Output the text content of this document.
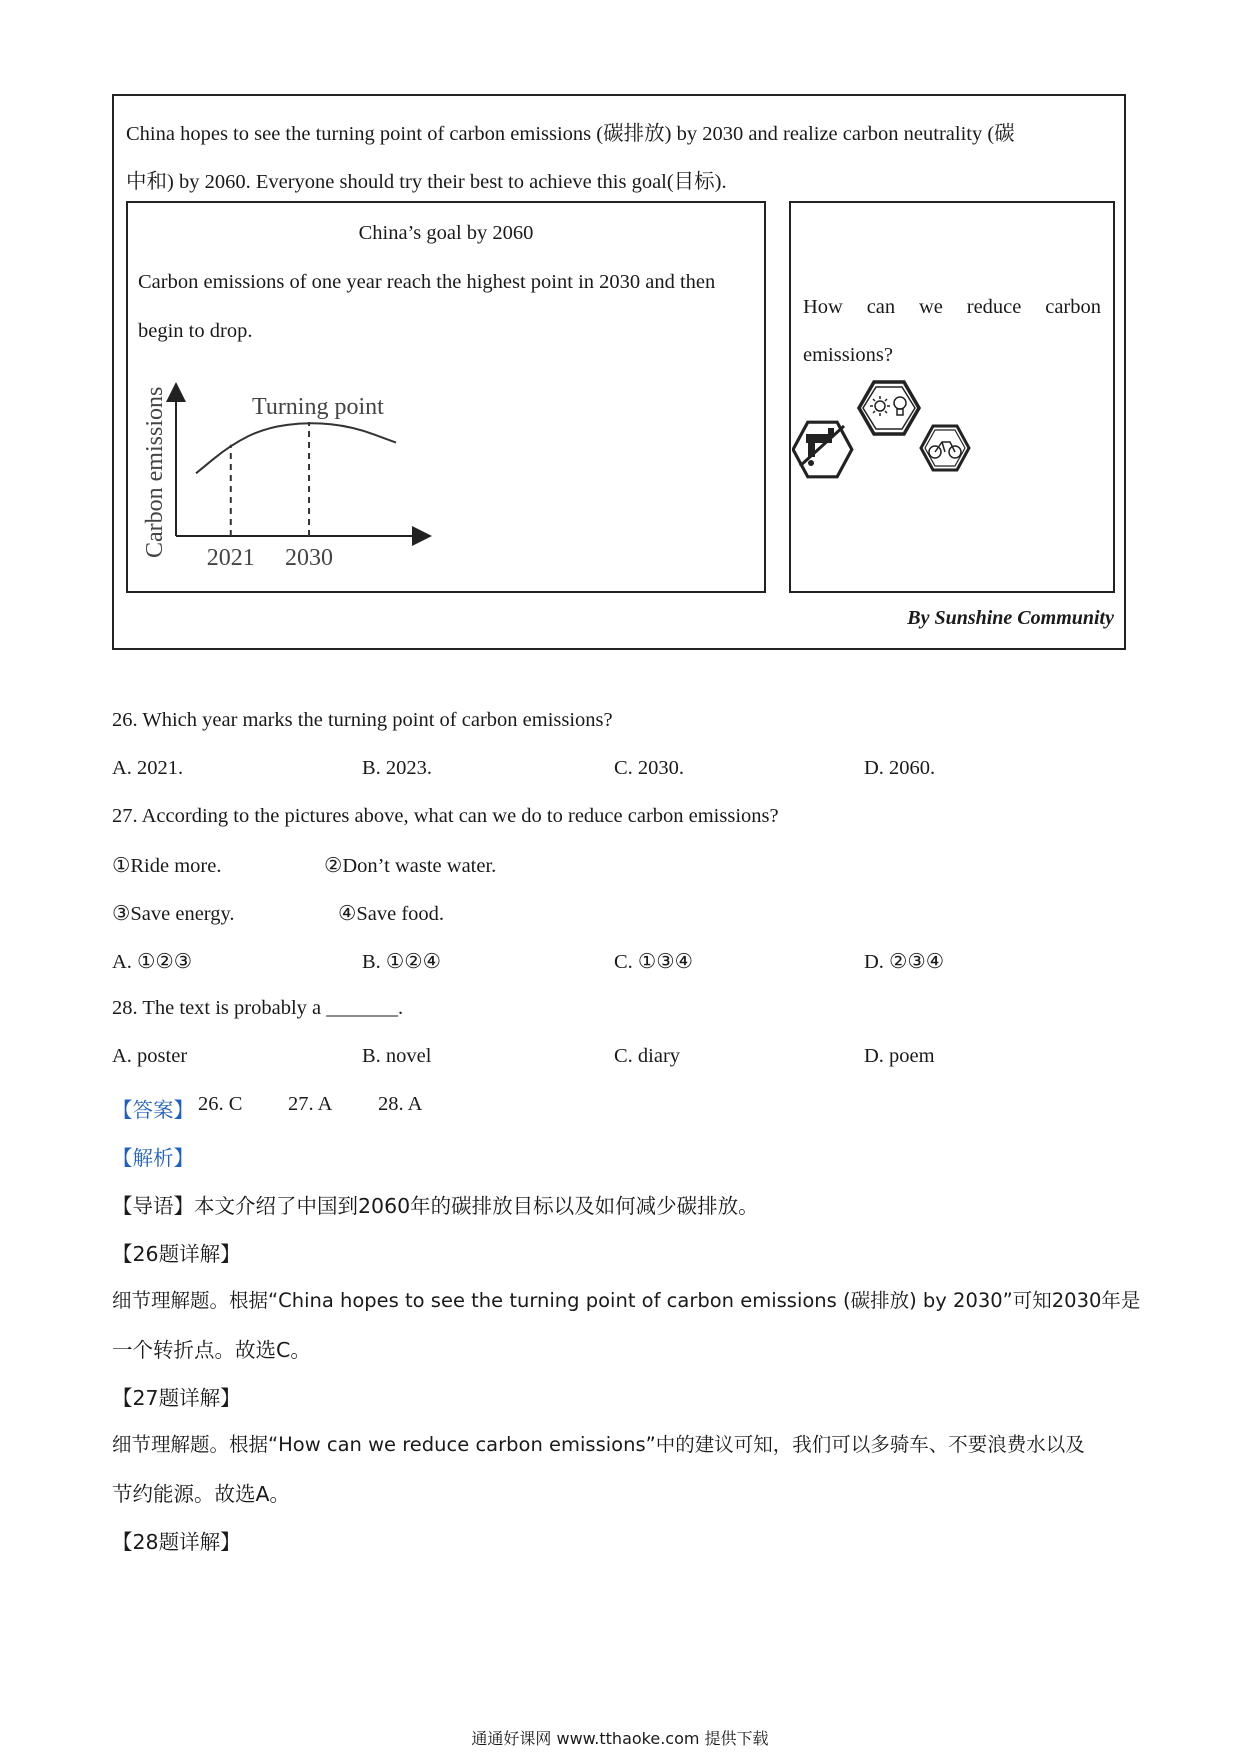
China hopes to see the turning point of carbon emissions (碳排放) by 2030 and realize carbon neutrality (碳
中和) by 2060. Everyone should try their best to achieve this goal(目标).
China’s goal by 2060
Carbon emissions of one year reach the highest point in 2030 and then
begin to drop.
Carbon emissions	Turning point
2021 2030
How can we reduce carbon
emissions?
By Sunshine Community
26. Which year marks the turning point of carbon emissions?
A. 2021.	B. 2023.	C. 2030.	D. 2060.
27. According to the pictures above, what can we do to reduce carbon emissions?
①Ride more.	②Don’t waste water.
③Save energy.	④Save food.
A. ①②③	B. ①②④	C. ①③④	D. ②③④
28. The text is probably a _______.
A. poster	B. novel	C. diary	D. poem
【答案】 26. C 27. A 28. A
【解析】
【导语】本文介绍了中国到2060年的碳排放目标以及如何减少碳排放。
【26题详解】
细节理解题。根据“China hopes to see the turning point of carbon emissions (碳排放) by 2030”可知2030年是
一个转折点。故选C。
【27题详解】
细节理解题。根据“How can we reduce carbon emissions”中的建议可知，我们可以多骑车、不要浪费水以及
节约能源。故选A。
【28题详解】
通通好课网 www.tthaoke.com 提供下载
